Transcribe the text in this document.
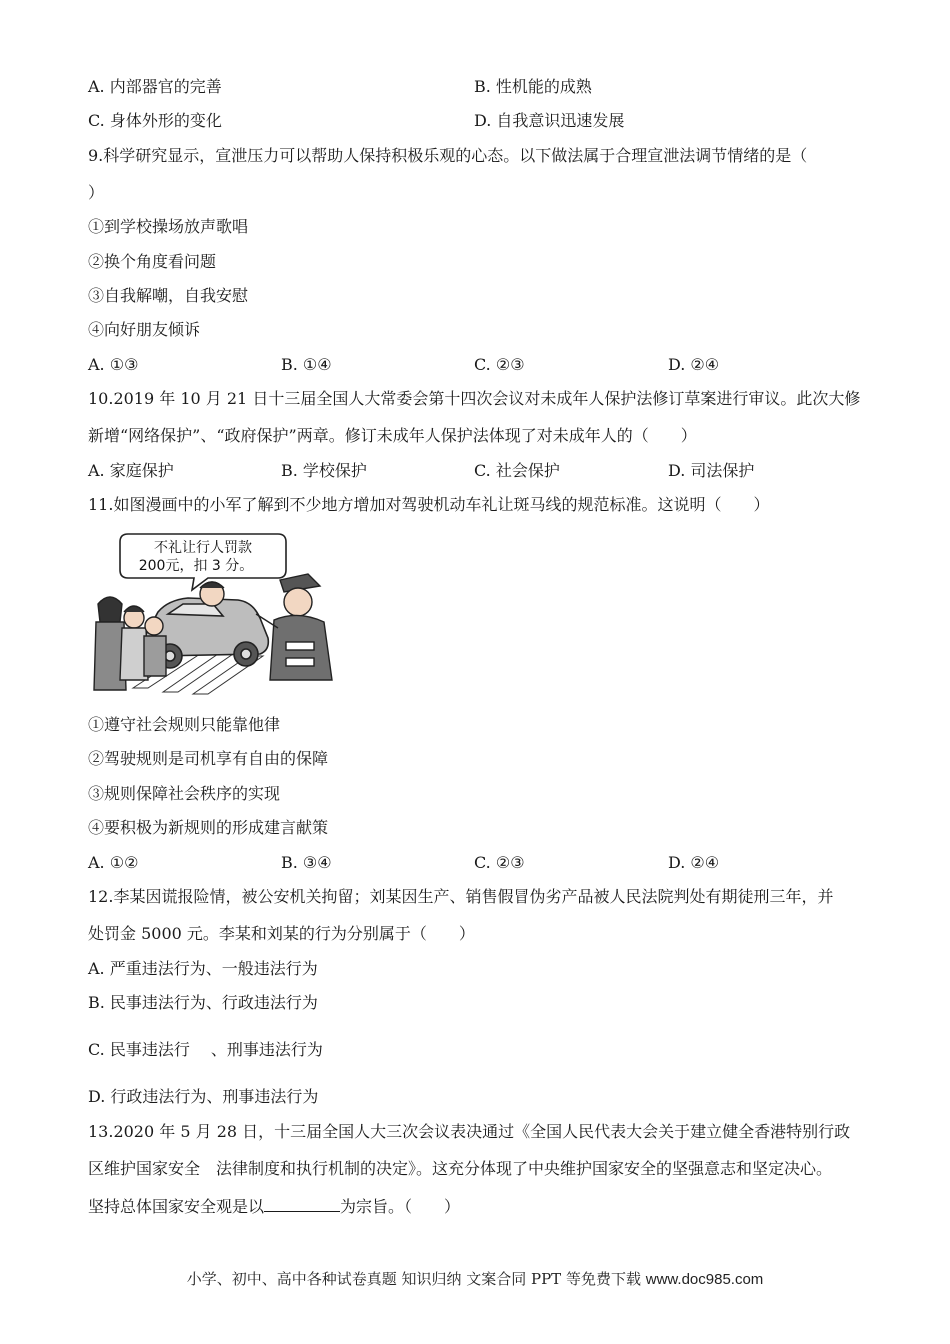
A. 内部器官的完善	B. 性机能的成熟
C. 身体外形的变化	D. 自我意识迅速发展
9.科学研究显示，宣泄压力可以帮助人保持积极乐观的心态。以下做法属于合理宣泄法调节情绪的是（
）
①到学校操场放声歌唱
②换个角度看问题
③自我解嘲，自我安慰
④向好朋友倾诉
A. ①③	B. ①④	C. ②③	D. ②④
10.2019 年 10 月 21 日十三届全国人大常委会第十四次会议对未成年人保护法修订草案进行审议。此次大修
新增“网络保护”、“政府保护”两章。修订未成年人保护法体现了对未成年人的（　　）
A. 家庭保护	B. 学校保护	C. 社会保护	D. 司法保护
11.如图漫画中的小军了解到不少地方增加对驾驶机动车礼让斑马线的规范标准。这说明（　　）
不礼让行人罚款
200元，扣 3 分。
①遵守社会规则只能靠他律
②驾驶规则是司机享有自由的保障
③规则保障社会秩序的实现
④要积极为新规则的形成建言献策
A. ①②	B. ③④	C. ②③	D. ②④
12.李某因谎报险情，被公安机关拘留；刘某因生产、销售假冒伪劣产品被人民法院判处有期徒刑三年，并
处罚金 5000 元。李某和刘某的行为分别属于（　　）
A. 严重违法行为、一般违法行为
B. 民事违法行为、行政违法行为
C. 民事违法行　 、刑事违法行为
D. 行政违法行为、刑事违法行为
13.2020 年 5 月 28 日，十三届全国人大三次会议表决通过《全国人民代表大会关于建立健全香港特别行政
区维护国家安全　法律制度和执行机制的决定》。这充分体现了中央维护国家安全的坚强意志和坚定决心。
坚持总体国家安全观是以	为宗旨。（　　）
小学、初中、高中各种试卷真题 知识归纳 文案合同 PPT 等免费下载 www.doc985.com
